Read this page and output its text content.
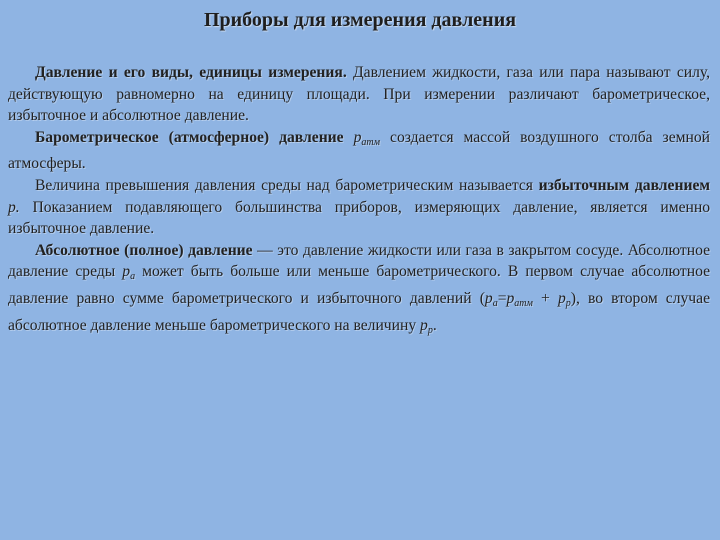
Приборы для измерения давления

Давление и его виды, единицы измерения. Давлением жидкости, газа или пара называют силу, действующую равномерно на единицу площади. При измерении различают барометрическое, избыточное и абсолютное давление.

Барометрическое (атмосферное) давление $р_{атм}$ создается массой воздушного столба земной атмосферы.

Величина превышения давления среды над барометрическим называется избыточным давлением р. Показанием подавляющего большинства приборов, измеряющих давление, является именно избыточное давление.

Абсолютное (полное) давление — это давление жидкости или газа в закрытом сосуде. Абсолютное давление среды $р_а$ может быть больше или меньше барометрического. В первом случае абсолютное давление равно сумме барометрического и избыточного давлений $(р_а=р_{атм} + р_р)$, во втором случае абсолютное давление меньше барометрического на величину $р_р$.
